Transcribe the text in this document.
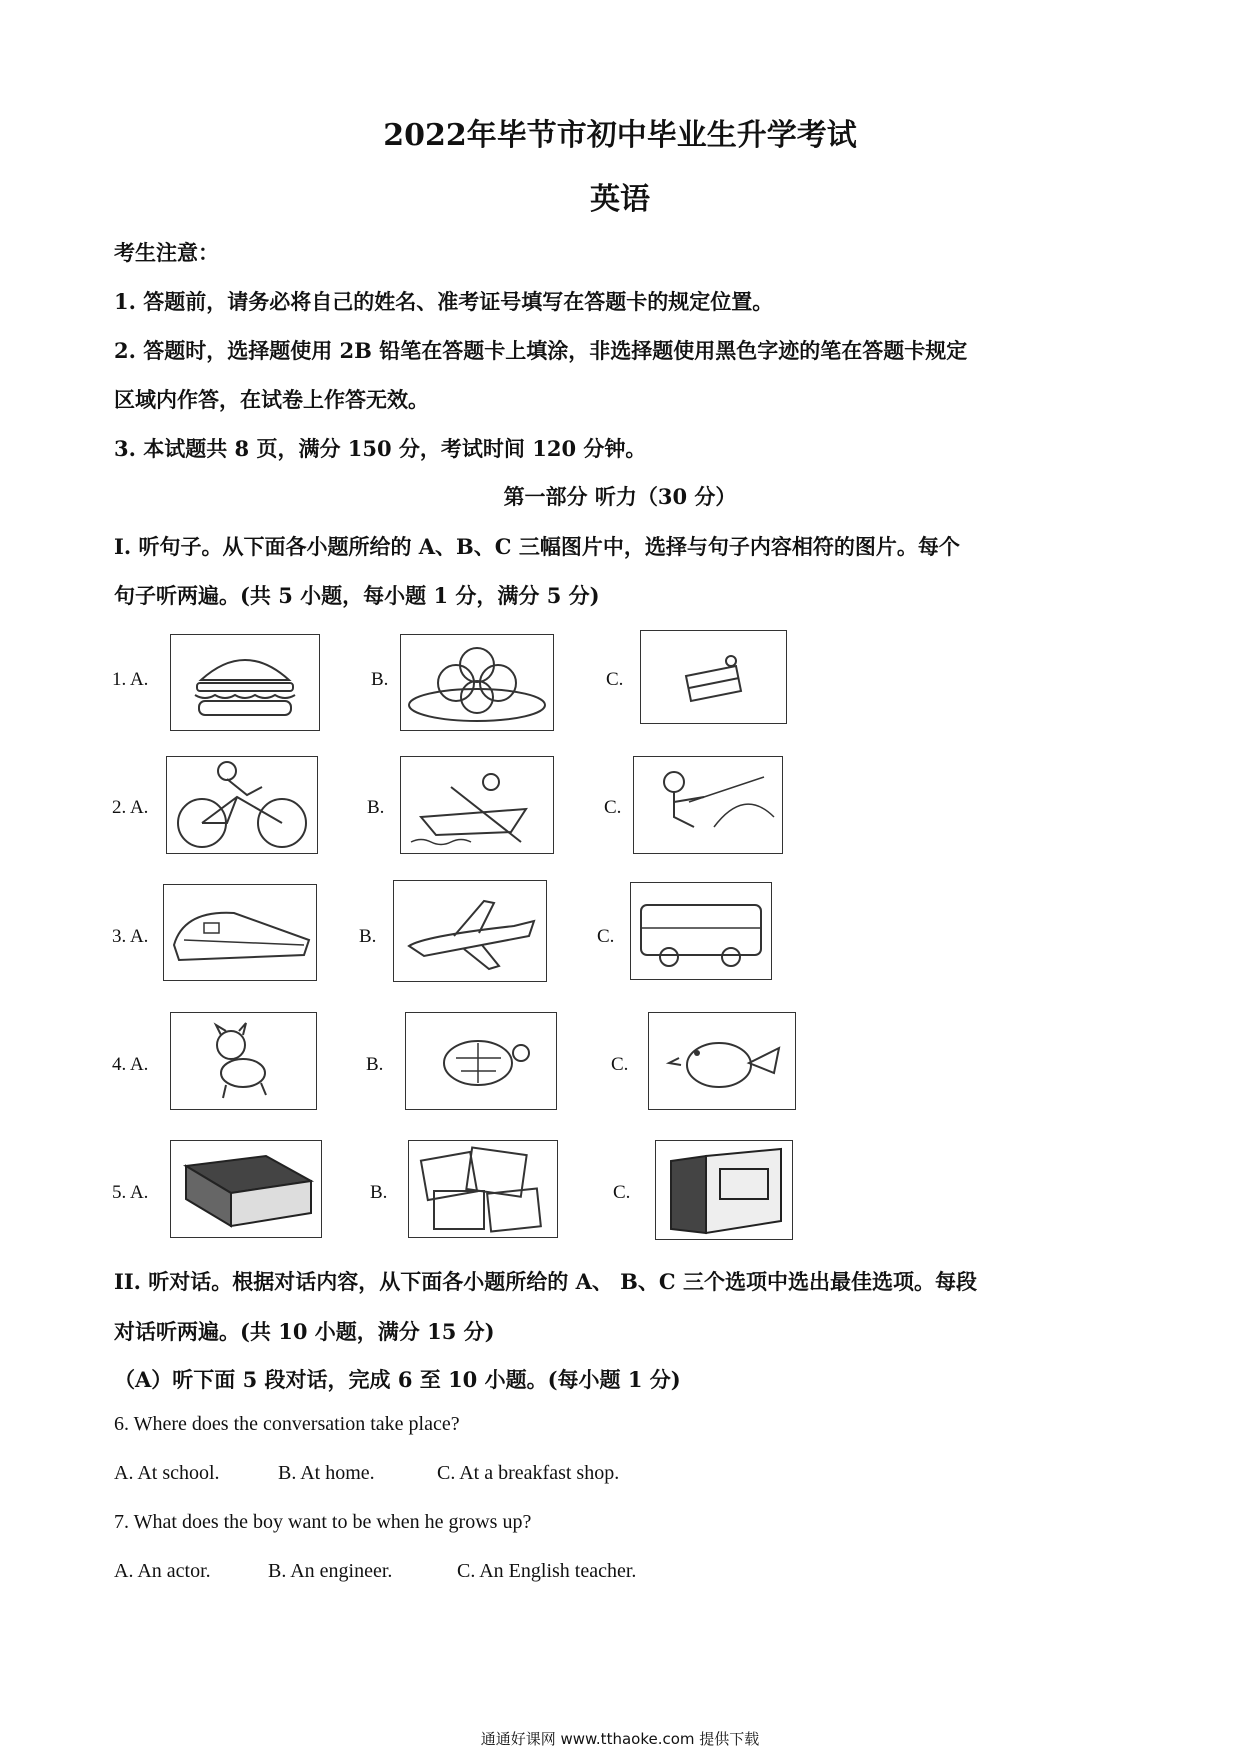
2022年毕节市初中毕业生升学考试
英语
考生注意：
1. 答题前，请务必将自己的姓名、准考证号填写在答题卡的规定位置。
2. 答题时，选择题使用 2B 铅笔在答题卡上填涂，非选择题使用黑色字迹的笔在答题卡规定
区域内作答，在试卷上作答无效。
3. 本试题共 8 页，满分 150 分，考试时间 120 分钟。
第一部分 听力（30 分）
I. 听句子。从下面各小题所给的 A、B、C 三幅图片中，选择与句子内容相符的图片。每个
句子听两遍。(共 5 小题，每小题 1 分，满分 5 分)
1. A.	B.	C.
2. A.	B.	C.
3. A.	B.	C.
4. A.	B.	C.
5. A.	B.	C.
II. 听对话。根据对话内容，从下面各小题所给的 A、 B、C 三个选项中选出最佳选项。每段
对话听两遍。(共 10 小题，满分 15 分)
（A）听下面 5 段对话，完成 6 至 10 小题。(每小题 1 分)
6. Where does the conversation take place?
A. At school.	B. At home.	C. At a breakfast shop.
7. What does the boy want to be when he grows up?
A. An actor.	B. An engineer.	C. An English teacher.
通通好课网 www.tthaoke.com 提供下载
